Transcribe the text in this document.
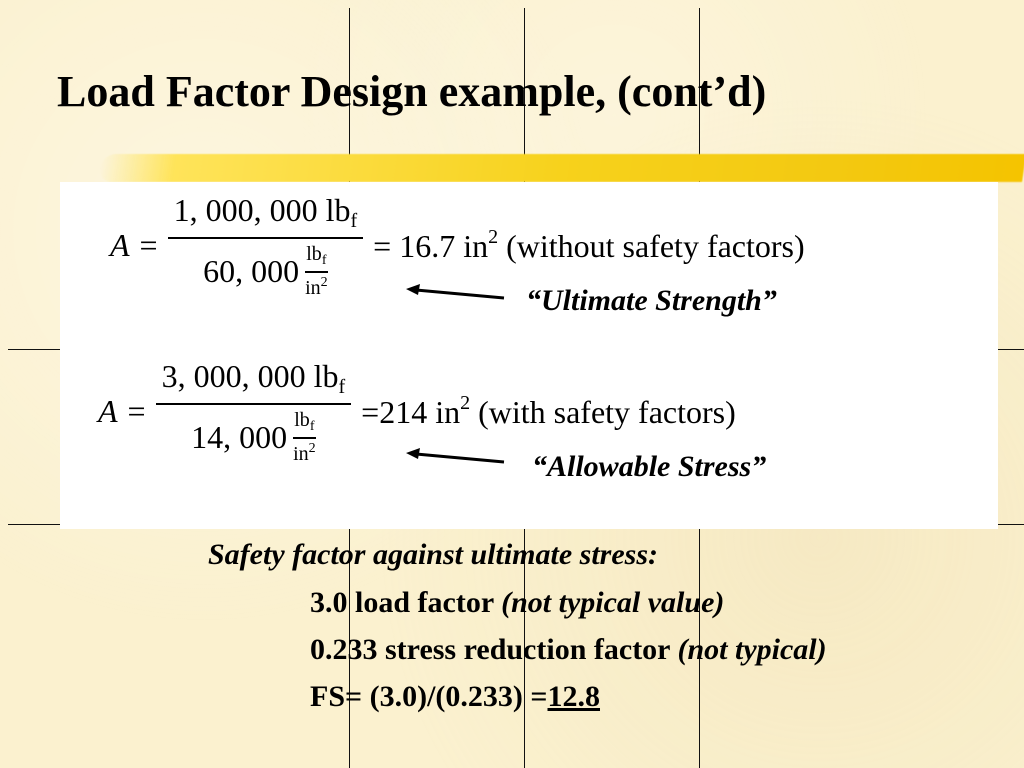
Load Factor Design example, (cont’d)
A = 1, 000, 000 $lb_f$
60, 000 $lb_f$
$in^2 = 16.7$ $in^2$ (without safety factors)
A = 3, 000, 000 $lb_f$
14, 000 $lb_f$
$in^2 =214$ $in^2$ (with safety factors)
“Ultimate Strength”
“Allowable Stress”
Safety factor against ultimate stress:
3.0 load factor (not typical value)
0.233 stress reduction factor (not typical)
FS= (3.0)/(0.233) =12.8
